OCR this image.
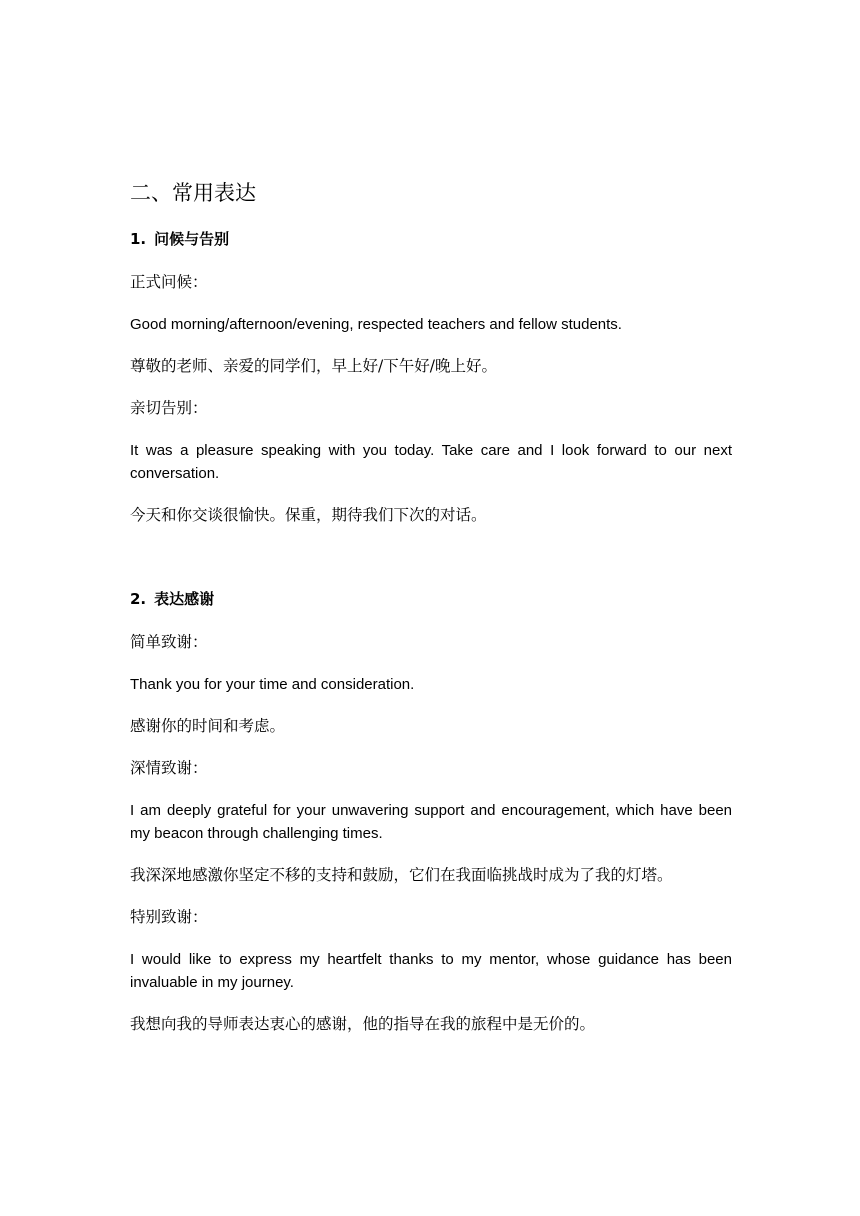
二、常用表达
1. 问候与告别
正式问候：
Good morning/afternoon/evening, respected teachers and fellow students.
尊敬的老师、亲爱的同学们，早上好/下午好/晚上好。
亲切告别：
It was a pleasure speaking with you today. Take care and I look forward to our next conversation.
今天和你交谈很愉快。保重，期待我们下次的对话。
2. 表达感谢
简单致谢：
Thank you for your time and consideration.
感谢你的时间和考虑。
深情致谢：
I am deeply grateful for your unwavering support and encouragement, which have been my beacon through challenging times.
我深深地感激你坚定不移的支持和鼓励，它们在我面临挑战时成为了我的灯塔。
特别致谢：
I would like to express my heartfelt thanks to my mentor, whose guidance has been invaluable in my journey.
我想向我的导师表达衷心的感谢，他的指导在我的旅程中是无价的。
